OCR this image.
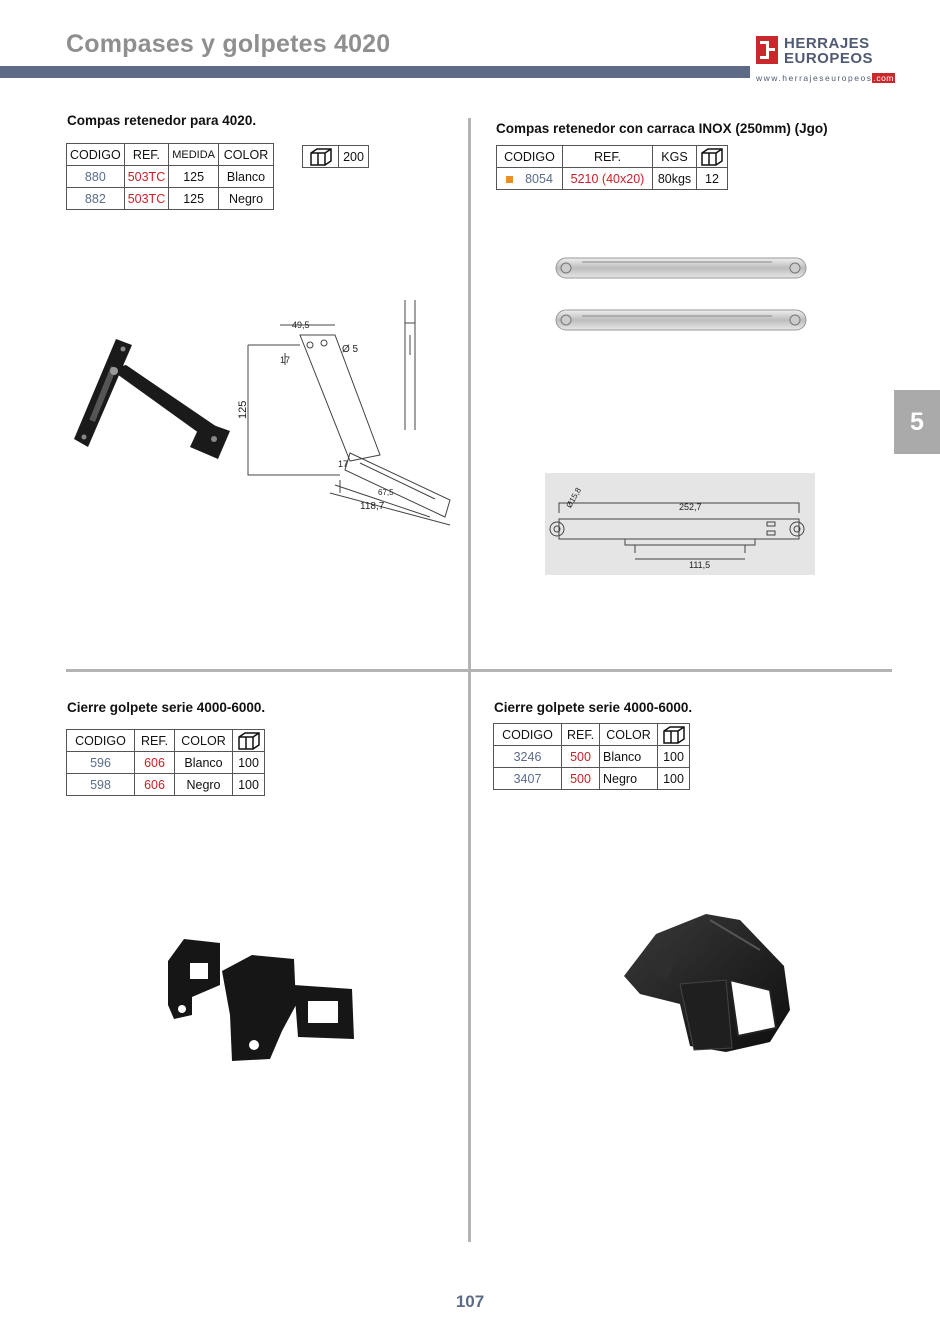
Compases y golpetes 4020	HERRAJES
EUROPEOS
www.herrajeseuropeos.com
5
Compas retenedor para 4020.
CODIGO	REF.	MEDIDA	COLOR
880	503TC	125	Blanco
882	503TC	125	Negro
	200
49,5
Ø 5
17
125
17
67,5
118,7
Compas retenedor con carraca INOX (250mm) (Jgo)
CODIGO	REF.	KGS	
8054	5210 (40x20)	80kgs	12
Ø15,8	252,7
111,5
Cierre golpete serie 4000-6000.
CODIGO	REF.	COLOR	
596	606	Blanco	100
598	606	Negro	100
Cierre golpete serie 4000-6000.
CODIGO	REF.	COLOR	
3246	500	Blanco	100
3407	500	Negro	100
107
